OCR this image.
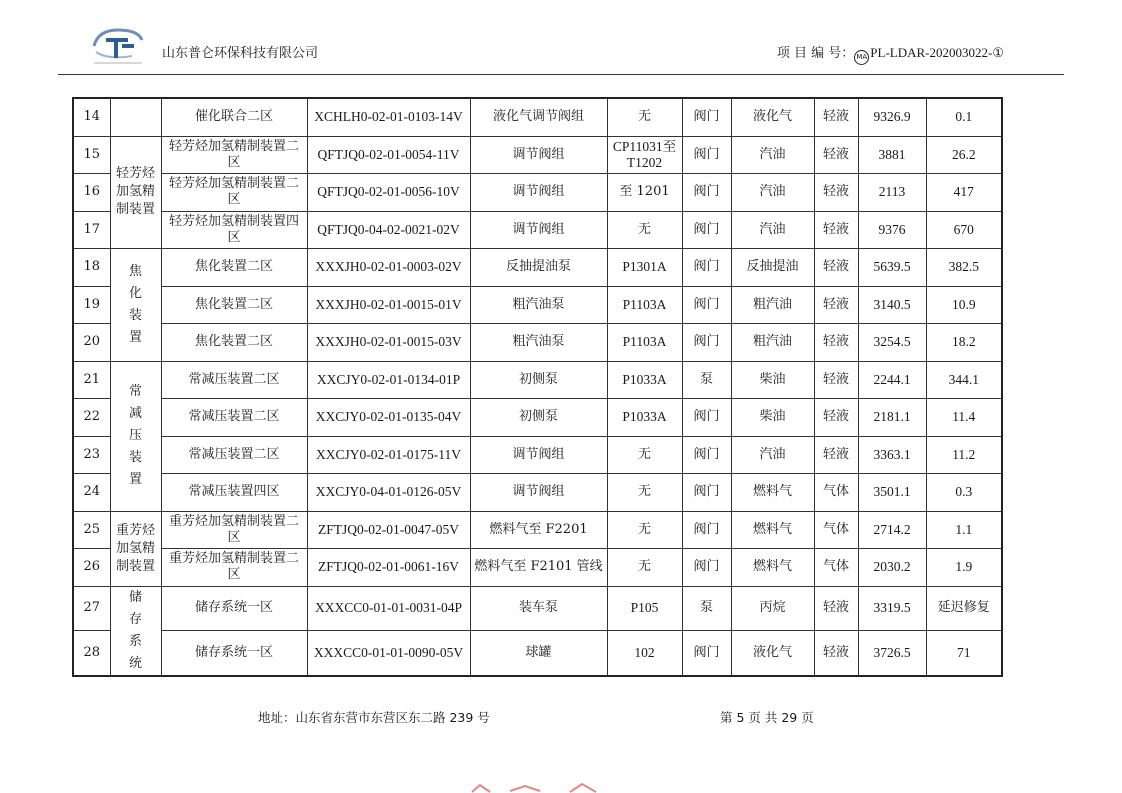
山东普仑环保科技有限公司	项 目 编 号： MA PL-LDAR-202003022-①
14		催化联合二区	XCHLH0-02-01-0103-14V	液化气调节阀组	无	阀门	液化气	轻液	9326.9	0.1
15	轻芳烃加氢精制装置	轻芳烃加氢精制装置二区	QFTJQ0-02-01-0054-11V	调节阀组	CP11031至T1202	阀门	汽油	轻液	3881	26.2
16		轻芳烃加氢精制装置二区	QFTJQ0-02-01-0056-10V	调节阀组	至 1201	阀门	汽油	轻液	2113	417
17		轻芳烃加氢精制装置四区	QFTJQ0-04-02-0021-02V	调节阀组	无	阀门	汽油	轻液	9376	670
18	焦化装置	焦化装置二区	XXXJH0-02-01-0003-02V	反抽提油泵	P1301A	阀门	反抽提油	轻液	5639.5	382.5
19		焦化装置二区	XXXJH0-02-01-0015-01V	粗汽油泵	P1103A	阀门	粗汽油	轻液	3140.5	10.9
20		焦化装置二区	XXXJH0-02-01-0015-03V	粗汽油泵	P1103A	阀门	粗汽油	轻液	3254.5	18.2
21	常减压装置	常减压装置二区	XXCJY0-02-01-0134-01P	初侧泵	P1033A	泵	柴油	轻液	2244.1	344.1
22		常减压装置二区	XXCJY0-02-01-0135-04V	初侧泵	P1033A	阀门	柴油	轻液	2181.1	11.4
23		常减压装置二区	XXCJY0-02-01-0175-11V	调节阀组	无	阀门	汽油	轻液	3363.1	11.2
24		常减压装置四区	XXCJY0-04-01-0126-05V	调节阀组	无	阀门	燃料气	气体	3501.1	0.3
25	重芳烃加氢精制装置	重芳烃加氢精制装置二区	ZFTJQ0-02-01-0047-05V	燃料气至 F2201	无	阀门	燃料气	气体	2714.2	1.1
26		重芳烃加氢精制装置二区	ZFTJQ0-02-01-0061-16V	燃料气至 F2101 管线	无	阀门	燃料气	气体	2030.2	1.9
27	储存系统	储存系统一区	XXXCC0-01-01-0031-04P	装车泵	P105	泵	丙烷	轻液	3319.5	延迟修复
28		储存系统一区	XXXCC0-01-01-0090-05V	球罐	102	阀门	液化气	轻液	3726.5	71
地址：山东省东营市东营区东二路 239 号	第 5 页 共 29 页
